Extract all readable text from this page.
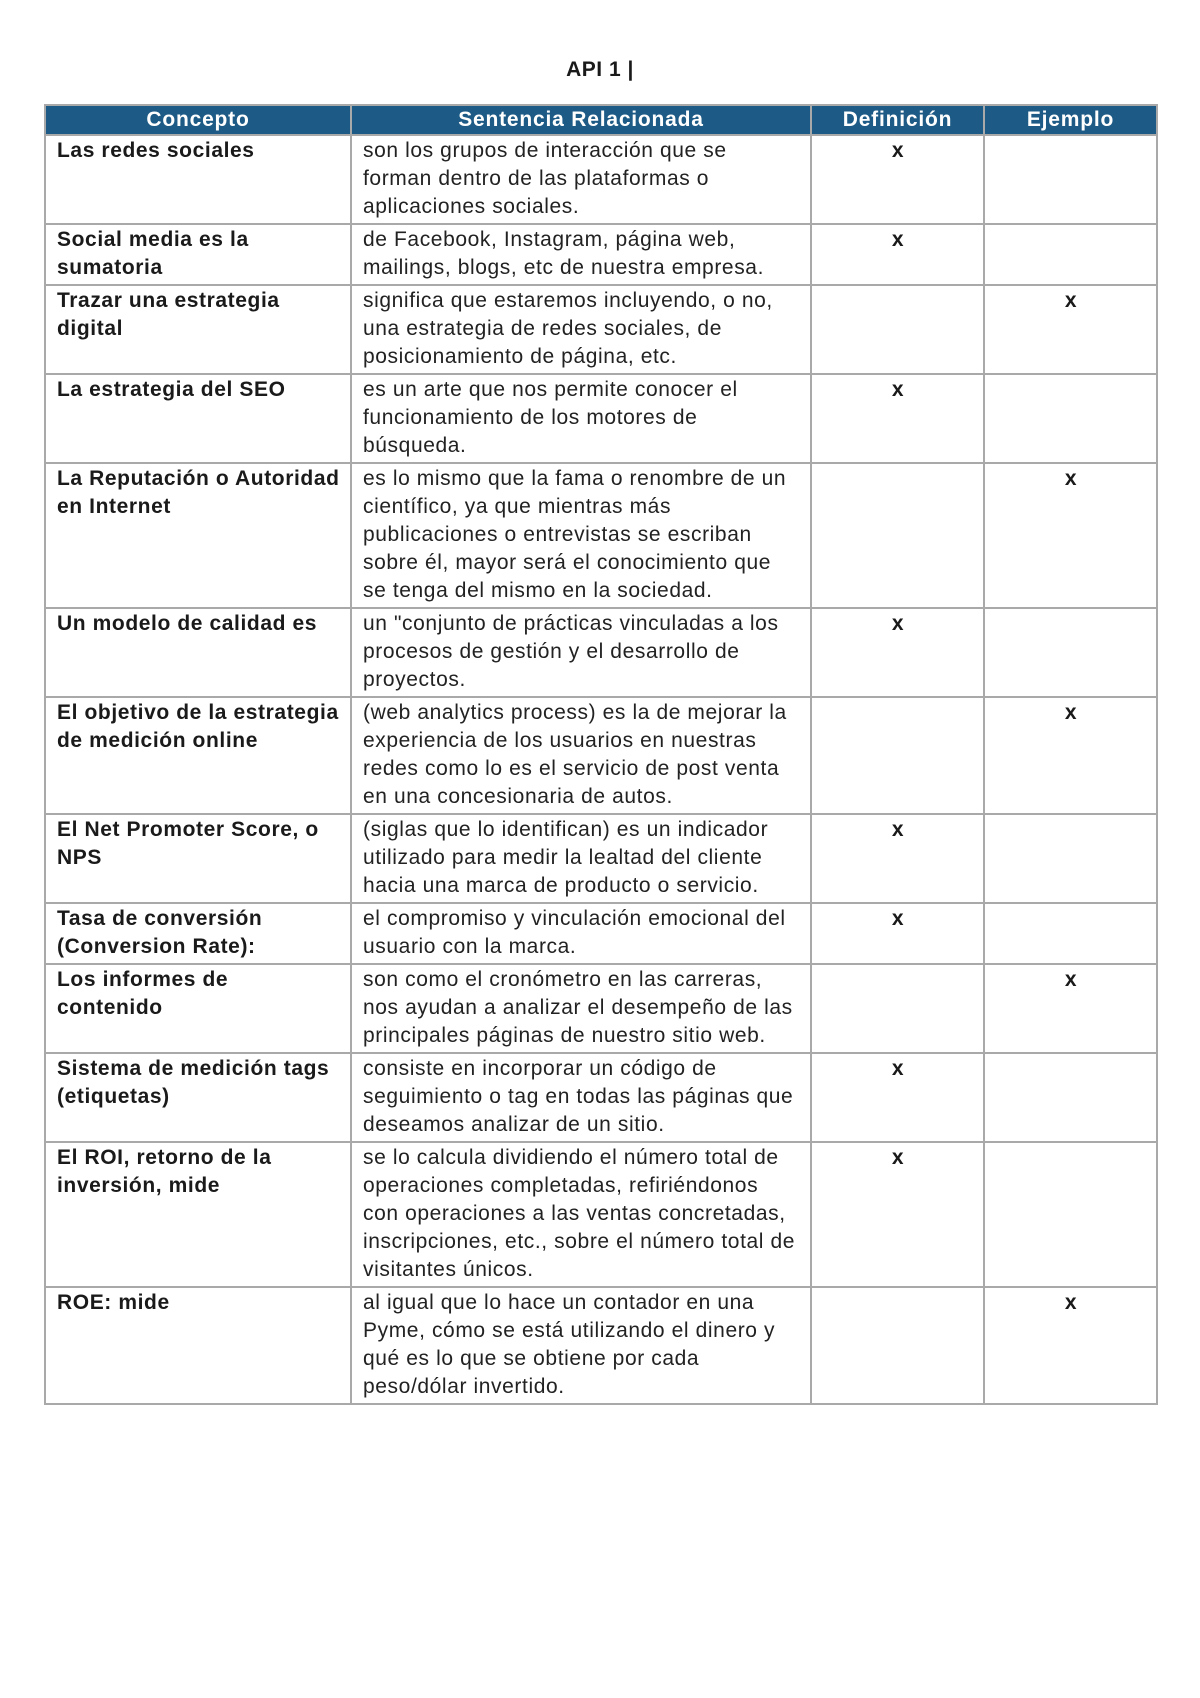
API 1 |
Concepto	Sentencia Relacionada	Definición	Ejemplo
Las redes sociales	son los grupos de interacción que se forman dentro de las plataformas o aplicaciones sociales.	x	
Social media es la sumatoria	de Facebook, Instagram, página web, mailings, blogs, etc de nuestra empresa.	x	
Trazar una estrategia digital	significa que estaremos incluyendo, o no, una estrategia de redes sociales, de posicionamiento de página, etc.		x
La estrategia del SEO	es un arte que nos permite conocer el funcionamiento de los motores de búsqueda.	x	
La Reputación o Autoridad en Internet	es lo mismo que la fama o renombre de un científico, ya que mientras más publicaciones o entrevistas se escriban sobre él, mayor será el conocimiento que se tenga del mismo en la sociedad.		x
Un modelo de calidad es	un "conjunto de prácticas vinculadas a los procesos de gestión y el desarrollo de proyectos.	x	
El objetivo de la estrategia de medición online	(web analytics process) es la de mejorar la experiencia de los usuarios en nuestras redes como lo es el servicio de post venta en una concesionaria de autos.		x
El Net Promoter Score, o NPS	(siglas que lo identifican) es un indicador utilizado para medir la lealtad del cliente hacia una marca de producto o servicio.	x	
Tasa de conversión (Conversion Rate):	el compromiso y vinculación emocional del usuario con la marca.	x	
Los informes de contenido	son como el cronómetro en las carreras, nos ayudan a analizar el desempeño de las principales páginas de nuestro sitio web.		x
Sistema de medición tags (etiquetas)	consiste en incorporar un código de seguimiento o tag en todas las páginas que deseamos analizar de un sitio.	x	
El ROI, retorno de la inversión, mide	se lo calcula dividiendo el número total de operaciones completadas, refiriéndonos con operaciones a las ventas concretadas, inscripciones, etc., sobre el número total de visitantes únicos.	x	
ROE: mide	al igual que lo hace un contador en una Pyme, cómo se está utilizando el dinero y qué es lo que se obtiene por cada peso/dólar invertido.		x
